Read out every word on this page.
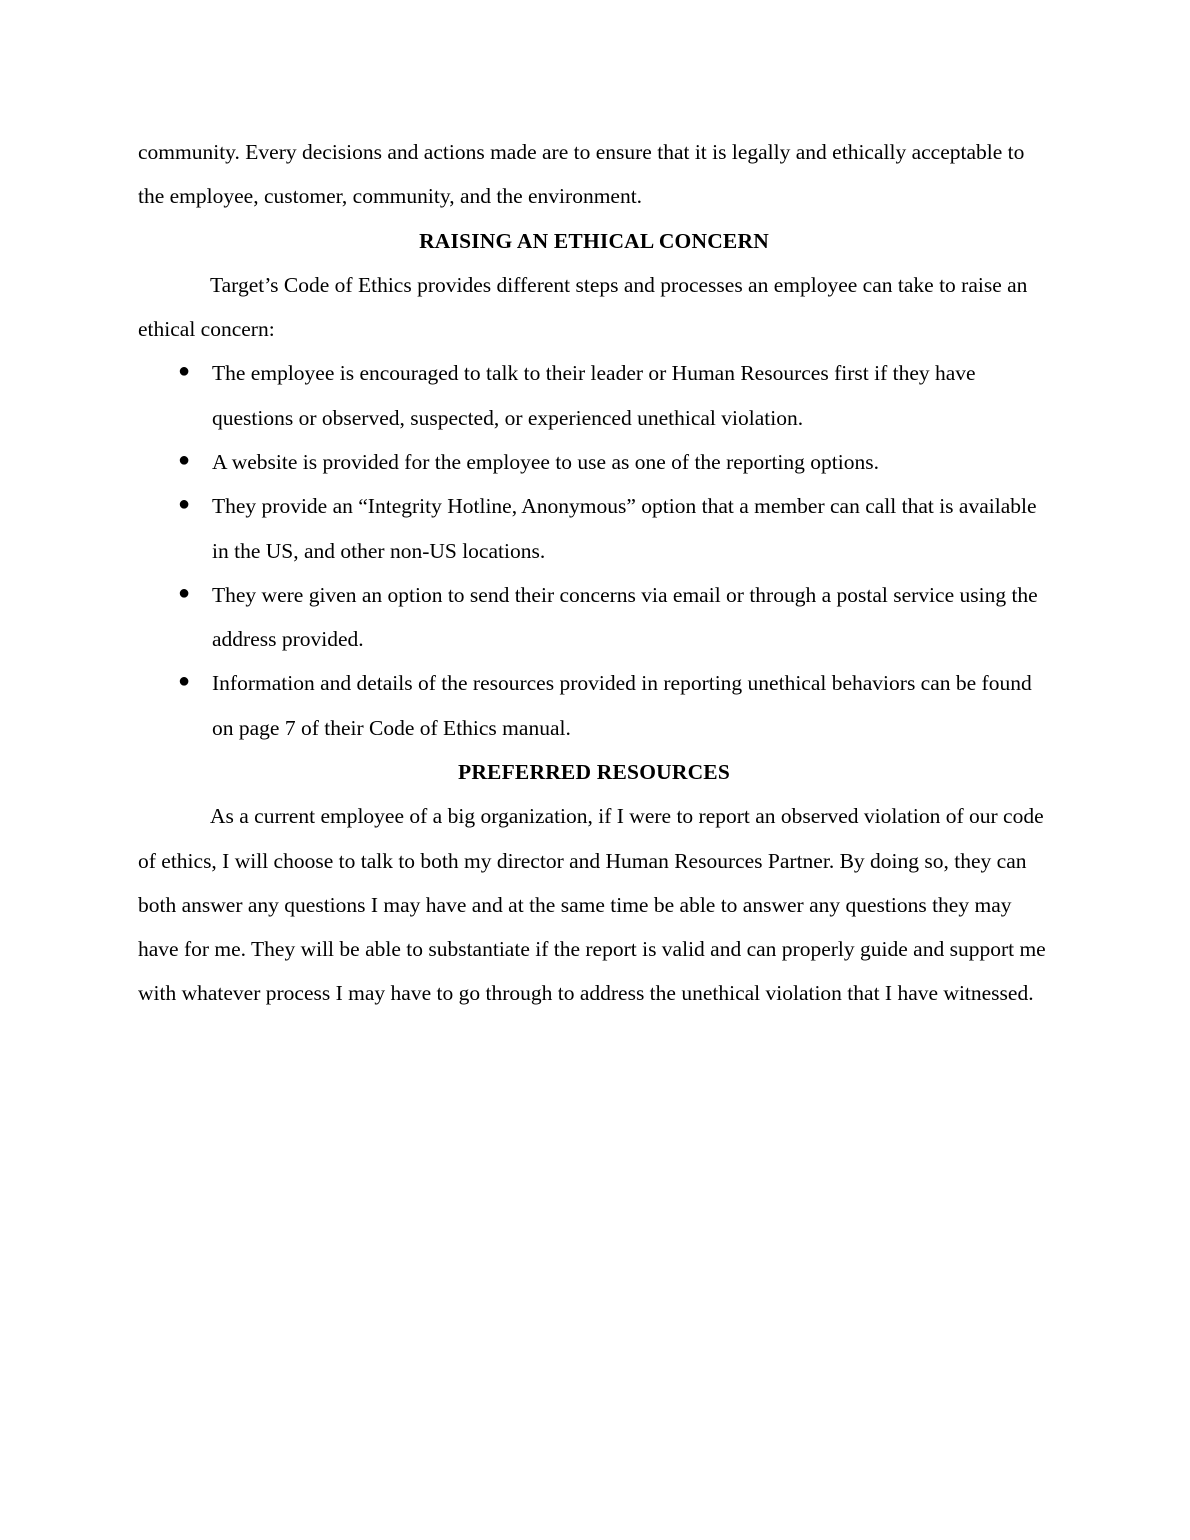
community. Every decisions and actions made are to ensure that it is legally and ethically acceptable to the employee, customer, community, and the environment.

RAISING AN ETHICAL CONCERN

Target’s Code of Ethics provides different steps and processes an employee can take to raise an ethical concern:

● The employee is encouraged to talk to their leader or Human Resources first if they have questions or observed, suspected, or experienced unethical violation.
● A website is provided for the employee to use as one of the reporting options.
● They provide an “Integrity Hotline, Anonymous” option that a member can call that is available in the US, and other non-US locations.
● They were given an option to send their concerns via email or through a postal service using the address provided.
● Information and details of the resources provided in reporting unethical behaviors can be found on page 7 of their Code of Ethics manual.
PREFERRED RESOURCES

As a current employee of a big organization, if I were to report an observed violation of our code of ethics, I will choose to talk to both my director and Human Resources Partner. By doing so, they can both answer any questions I may have and at the same time be able to answer any questions they may have for me. They will be able to substantiate if the report is valid and can properly guide and support me with whatever process I may have to go through to address the unethical violation that I have witnessed.
